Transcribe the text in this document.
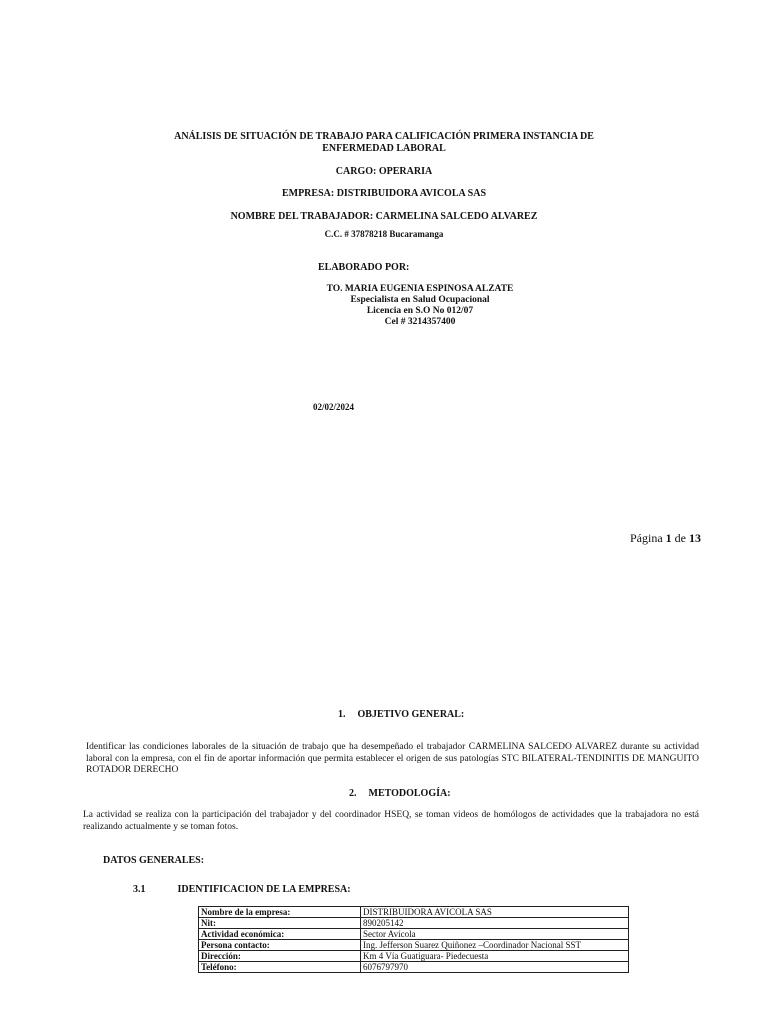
ANÁLISIS DE SITUACIÓN DE TRABAJO PARA CALIFICACIÓN PRIMERA INSTANCIA DE
ENFERMEDAD LABORAL
CARGO: OPERARIA
EMPRESA: DISTRIBUIDORA AVICOLA SAS
NOMBRE DEL TRABAJADOR: CARMELINA SALCEDO ALVAREZ
C.C. # 37878218 Bucaramanga
ELABORADO POR:
TO. MARIA EUGENIA ESPINOSA ALZATE
Especialista en Salud Ocupacional
Licencia en S.O No 012/07
Cel # 3214357400
02/02/2024
Página 1 de 13
1. OBJETIVO GENERAL:
Identificar las condiciones laborales de la situación de trabajo que ha desempeñado el trabajador CARMELINA SALCEDO ALVAREZ durante su actividad laboral con la empresa, con el fin de aportar información que permita establecer el origen de sus patologías STC BILATERAL-TENDINITIS DE MANGUITO ROTADOR DERECHO
2. METODOLOGÍA:
La actividad se realiza con la participación del trabajador y del coordinador HSEQ, se toman videos de homólogos de actividades que la trabajadora no está realizando actualmente y se toman fotos.
DATOS GENERALES:
3.1	IDENTIFICACION DE LA EMPRESA:
Nombre de la empresa:	DISTRIBUIDORA AVICOLA SAS
Nit:	890205142
Actividad económica:	Sector Avícola
Persona contacto:	Ing. Jefferson Suarez Quiñonez –Coordinador Nacional SST
Dirección:	Km 4 Vía Guatiguara- Piedecuesta
Teléfono:	6076797970
